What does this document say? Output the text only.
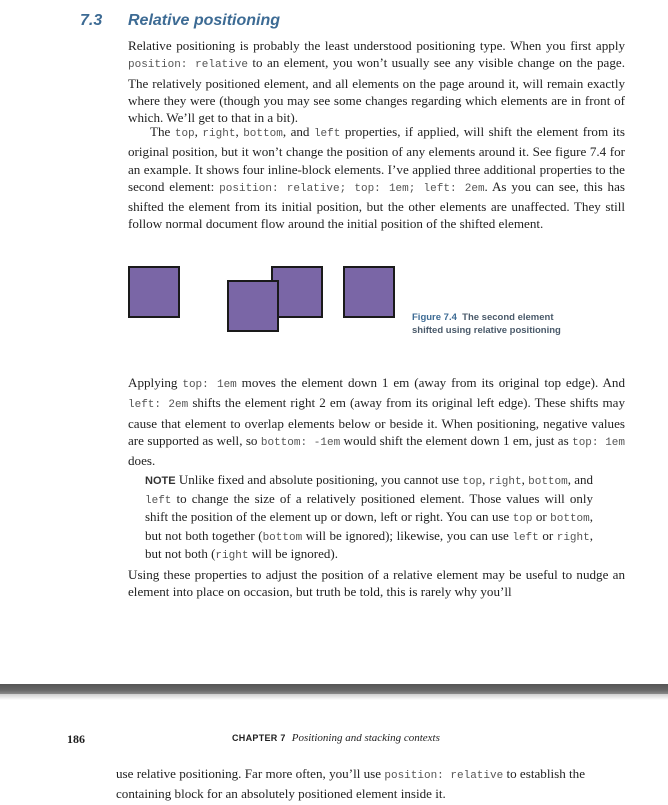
7.3 Relative positioning

Relative positioning is probably the least understood positioning type. When you first apply position: relative to an element, you won’t usually see any visible change on the page. The relatively positioned element, and all elements on the page around it, will remain exactly where they were (though you may see some changes regarding which elements are in front of which. We’ll get to that in a bit).

The top, right, bottom, and left properties, if applied, will shift the element from its original position, but it won’t change the position of any elements around it. See figure 7.4 for an example. It shows four inline-block elements. I’ve applied three additional properties to the second element: position: relative; top: 1em; left: 2em. As you can see, this has shifted the element from its initial position, but the other elements are unaffected. They still follow normal document flow around the initial position of the shifted element.

Figure 7.4 The second element
shifted using relative positioning

Applying top: 1em moves the element down 1 em (away from its original top edge). And left: 2em shifts the element right 2 em (away from its original left edge). These shifts may cause that element to overlap elements below or beside it. When positioning, negative values are supported as well, so bottom: -1em would shift the element down 1 em, just as top: 1em does.

NOTE Unlike fixed and absolute positioning, you cannot use top, right, bottom, and left to change the size of a relatively positioned element. Those values will only shift the position of the element up or down, left or right. You can use top or bottom, but not both together (bottom will be ignored); likewise, you can use left or right, but not both (right will be ignored).

Using these properties to adjust the position of a relative element may be useful to nudge an element into place on occasion, but truth be told, this is rarely why you’ll

186	CHAPTER 7 Positioning and stacking contexts

use relative positioning. Far more often, you’ll use position: relative to establish the containing block for an absolutely positioned element inside it.
